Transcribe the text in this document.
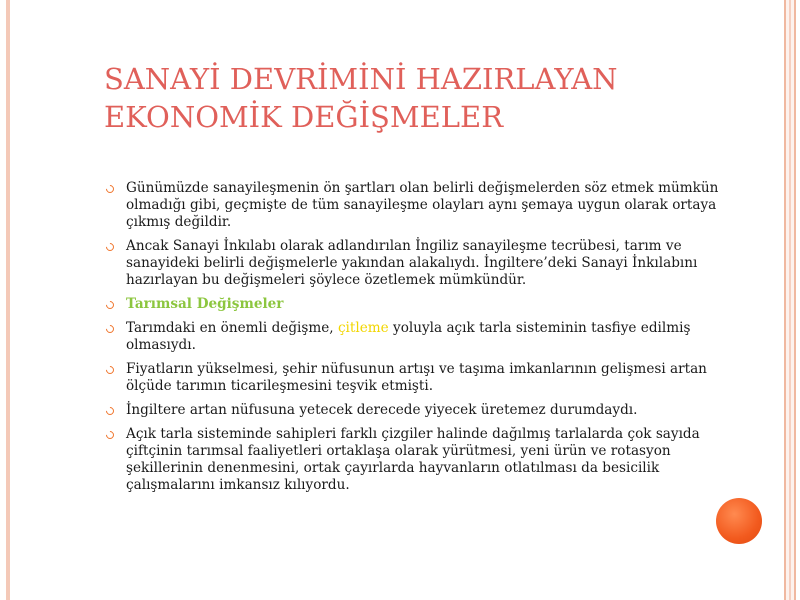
SANAYİ DEVRİMİNİ HAZIRLAYAN
EKONOMİK DEĞİŞMELER
Günümüzde sanayileşmenin ön şartları olan belirli değişmelerden söz etmek mümkün olmadığı gibi, geçmişte de tüm sanayileşme olayları aynı şemaya uygun olarak ortaya çıkmış değildir.
Ancak Sanayi İnkılabı olarak adlandırılan İngiliz sanayileşme tecrübesi, tarım ve sanayideki belirli değişmelerle yakından alakalıydı. İngiltere’deki Sanayi İnkılabını hazırlayan bu değişmeleri şöylece özetlemek mümkündür.
Tarımsal Değişmeler
Tarımdaki en önemli değişme, çitleme yoluyla açık tarla sisteminin tasfiye edilmiş olmasıydı.
Fiyatların yükselmesi, şehir nüfusunun artışı ve taşıma imkanlarının gelişmesi artan ölçüde tarımın ticarileşmesini teşvik etmişti.
İngiltere artan nüfusuna yetecek derecede yiyecek üretemez durumdaydı.
Açık tarla sisteminde sahipleri farklı çizgiler halinde dağılmış tarlalarda çok sayıda çiftçinin tarımsal faaliyetleri ortaklaşa olarak yürütmesi, yeni ürün ve rotasyon şekillerinin denenmesini, ortak çayırlarda hayvanların otlatılması da besicilik çalışmalarını imkansız kılıyordu.
